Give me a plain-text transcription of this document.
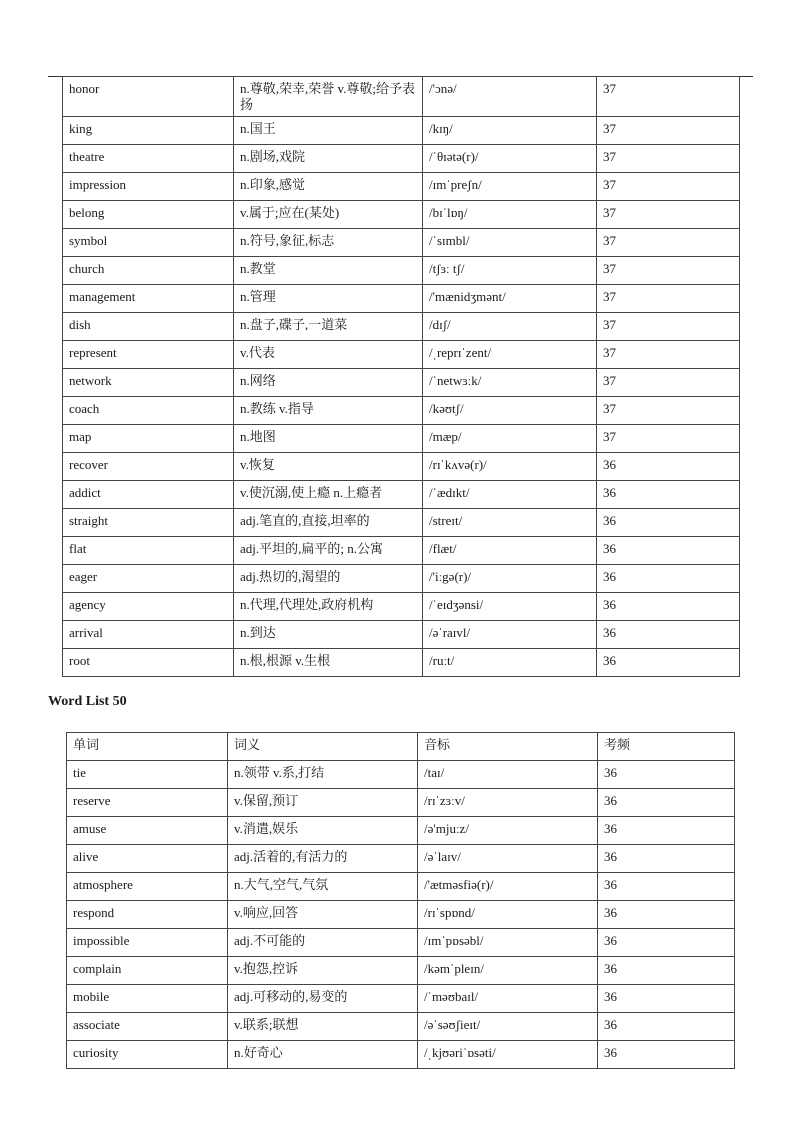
honor	n.尊敬,荣幸,荣誉 v.尊敬;给予表扬	/'ɔnə/	37
king	n.国王	/kɪŋ/	37
theatre	n.剧场,戏院	/ˈθɪətə(r)/	37
impression	n.印象,感觉	/ɪmˈpreʃn/	37
belong	v.属于;应在(某处)	/bɪˈlɒŋ/	37
symbol	n.符号,象征,标志	/ˈsɪmbl/	37
church	n.教堂	/tʃɜː tʃ/	37
management	n.管理	/'mænidʒmənt/	37
dish	n.盘子,碟子,一道菜	/dɪʃ/	37
represent	v.代表	/ˌreprɪˈzent/	37
network	n.网络	/ˈnetwɜːk/	37
coach	n.教练 v.指导	/kəʊtʃ/	37
map	n.地图	/mæp/	37
recover	v.恢复	/rɪˈkʌvə(r)/	36
addict	v.使沉溺,使上瘾 n.上瘾者	/ˈædɪkt/	36
straight	adj.笔直的,直接,坦率的	/streɪt/	36
flat	adj.平坦的,扁平的; n.公寓	/flæt/	36
eager	adj.热切的,渴望的	/'iːgə(r)/	36
agency	n.代理,代理处,政府机构	/ˈeɪdʒənsi/	36
arrival	n.到达	/əˈraɪvl/	36
root	n.根,根源 v.生根	/ruːt/	36
Word List 50
单词	词义	音标	考频
tie	n.领带 v.系,打结	/taɪ/	36
reserve	v.保留,预订	/rɪˈzɜːv/	36
amuse	v.消遣,娱乐	/ə'mjuːz/	36
alive	adj.活着的,有活力的	/əˈlaɪv/	36
atmosphere	n.大气,空气,气氛	/'ætməsfiə(r)/	36
respond	v.响应,回答	/rɪˈspɒnd/	36
impossible	adj.不可能的	/ɪmˈpɒsəbl/	36
complain	v.抱怨,控诉	/kəmˈpleɪn/	36
mobile	adj.可移动的,易变的	/ˈməʊbaɪl/	36
associate	v.联系;联想	/əˈsəʊʃieɪt/	36
curiosity	n.好奇心	/ˌkjʊəriˈɒsəti/	36
